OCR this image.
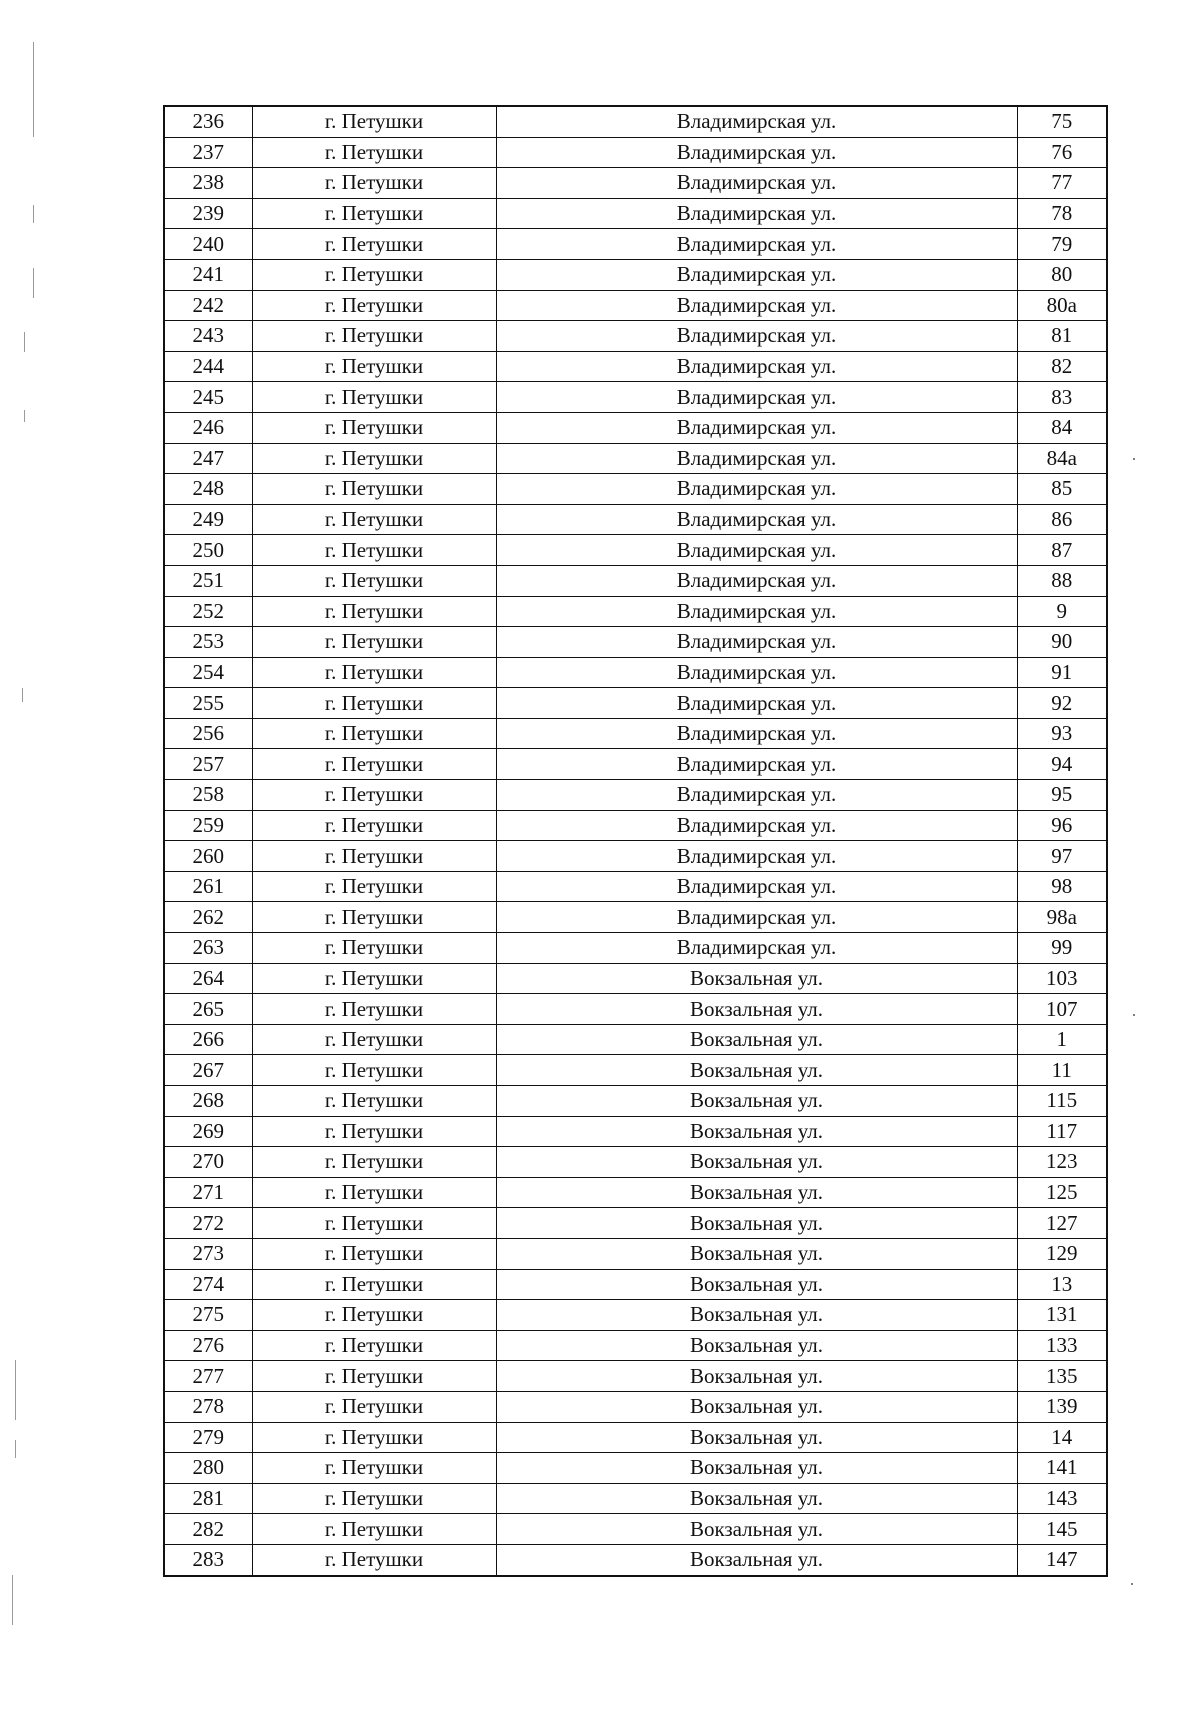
236	г. Петушки	Владимирская ул.	75
237	г. Петушки	Владимирская ул.	76
238	г. Петушки	Владимирская ул.	77
239	г. Петушки	Владимирская ул.	78
240	г. Петушки	Владимирская ул.	79
241	г. Петушки	Владимирская ул.	80
242	г. Петушки	Владимирская ул.	80а
243	г. Петушки	Владимирская ул.	81
244	г. Петушки	Владимирская ул.	82
245	г. Петушки	Владимирская ул.	83
246	г. Петушки	Владимирская ул.	84
247	г. Петушки	Владимирская ул.	84а
248	г. Петушки	Владимирская ул.	85
249	г. Петушки	Владимирская ул.	86
250	г. Петушки	Владимирская ул.	87
251	г. Петушки	Владимирская ул.	88
252	г. Петушки	Владимирская ул.	9
253	г. Петушки	Владимирская ул.	90
254	г. Петушки	Владимирская ул.	91
255	г. Петушки	Владимирская ул.	92
256	г. Петушки	Владимирская ул.	93
257	г. Петушки	Владимирская ул.	94
258	г. Петушки	Владимирская ул.	95
259	г. Петушки	Владимирская ул.	96
260	г. Петушки	Владимирская ул.	97
261	г. Петушки	Владимирская ул.	98
262	г. Петушки	Владимирская ул.	98а
263	г. Петушки	Владимирская ул.	99
264	г. Петушки	Вокзальная ул.	103
265	г. Петушки	Вокзальная ул.	107
266	г. Петушки	Вокзальная ул.	1
267	г. Петушки	Вокзальная ул.	11
268	г. Петушки	Вокзальная ул.	115
269	г. Петушки	Вокзальная ул.	117
270	г. Петушки	Вокзальная ул.	123
271	г. Петушки	Вокзальная ул.	125
272	г. Петушки	Вокзальная ул.	127
273	г. Петушки	Вокзальная ул.	129
274	г. Петушки	Вокзальная ул.	13
275	г. Петушки	Вокзальная ул.	131
276	г. Петушки	Вокзальная ул.	133
277	г. Петушки	Вокзальная ул.	135
278	г. Петушки	Вокзальная ул.	139
279	г. Петушки	Вокзальная ул.	14
280	г. Петушки	Вокзальная ул.	141
281	г. Петушки	Вокзальная ул.	143
282	г. Петушки	Вокзальная ул.	145
283	г. Петушки	Вокзальная ул.	147
